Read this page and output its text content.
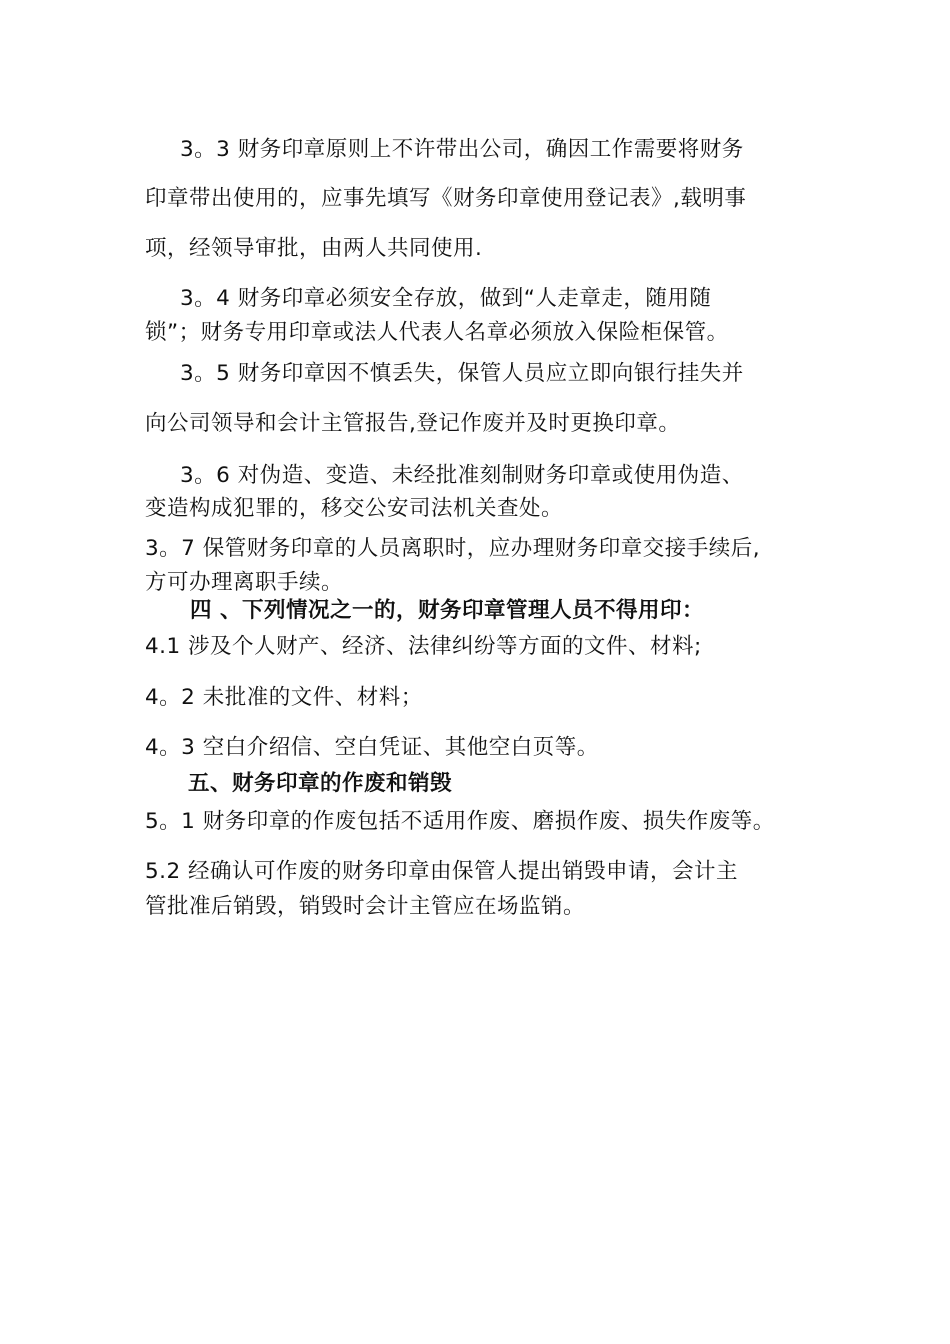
3。3 财务印章原则上不许带出公司，确因工作需要将财务
印章带出使用的，应事先填写《财务印章使用登记表》,载明事
项，经领导审批，由两人共同使用.
3。4 财务印章必须安全存放，做到“人走章走，随用随
锁”；财务专用印章或法人代表人名章必须放入保险柜保管。
3。5 财务印章因不慎丢失，保管人员应立即向银行挂失并
向公司领导和会计主管报告,登记作废并及时更换印章。
3。6 对伪造、变造、未经批准刻制财务印章或使用伪造、
变造构成犯罪的，移交公安司法机关查处。
3。7 保管财务印章的人员离职时，应办理财务印章交接手续后,
方可办理离职手续。
四 、下列情况之一的，财务印章管理人员不得用印：
4.1 涉及个人财产、经济、法律纠纷等方面的文件、材料;
4。2 未批准的文件、材料；
4。3 空白介绍信、空白凭证、其他空白页等。
五、财务印章的作废和销毁
5。1 财务印章的作废包括不适用作废、磨损作废、损失作废等。
5.2 经确认可作废的财务印章由保管人提出销毁申请，会计主
管批准后销毁，销毁时会计主管应在场监销。
